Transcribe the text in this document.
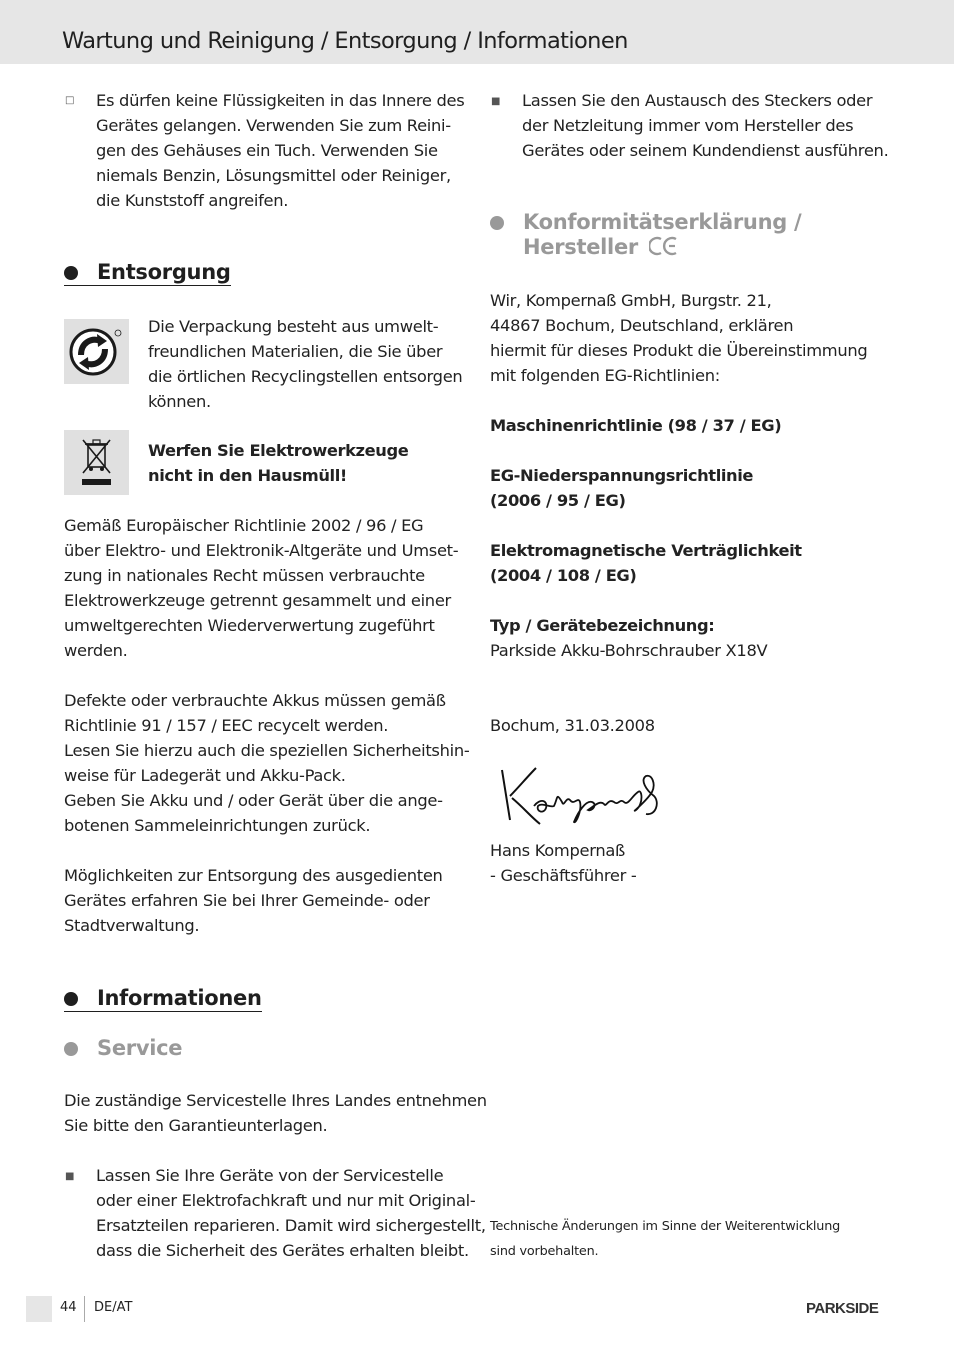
Wartung und Reinigung / Entsorgung / Informationen
□ Es dürfen keine Flüssigkeiten in das Innere des
Gerätes gelangen. Verwenden Sie zum Reini-
gen des Gehäuses ein Tuch. Verwenden Sie
niemals Benzin, Lösungsmittel oder Reiniger,
die Kunststoff angreifen.

Entsorgung

Die Verpackung besteht aus umwelt-
freundlichen Materialien, die Sie über
die örtlichen Recyclingstellen entsorgen
können.

Werfen Sie Elektrowerkzeuge
nicht in den Hausmüll!

Gemäß Europäischer Richtlinie 2002 / 96 / EG
über Elektro- und Elektronik-Altgeräte und Umset-
zung in nationales Recht müssen verbrauchte
Elektrowerkzeuge getrennt gesammelt und einer
umweltgerechten Wiederverwertung zugeführt
werden.

Defekte oder verbrauchte Akkus müssen gemäß
Richtlinie 91 / 157 / EEC recycelt werden.
Lesen Sie hierzu auch die speziellen Sicherheitshin-
weise für Ladegerät und Akku-Pack.
Geben Sie Akku und / oder Gerät über die ange-
botenen Sammeleinrichtungen zurück.

Möglichkeiten zur Entsorgung des ausgedienten
Gerätes erfahren Sie bei Ihrer Gemeinde- oder
Stadtverwaltung.

Informationen
Service

Die zuständige Servicestelle Ihres Landes entnehmen
Sie bitte den Garantieunterlagen.

■ Lassen Sie Ihre Geräte von der Servicestelle
oder einer Elektrofachkraft und nur mit Original-
Ersatzteilen reparieren. Damit wird sichergestellt,
dass die Sicherheit des Gerätes erhalten bleibt.

■ Lassen Sie den Austausch des Steckers oder
der Netzleitung immer vom Hersteller des
Gerätes oder seinem Kundendienst ausführen.

Konformitätserklärung /
Hersteller

Wir, Kompernaß GmbH, Burgstr. 21,
44867 Bochum, Deutschland, erklären
hiermit für dieses Produkt die Übereinstimmung
mit folgenden EG-Richtlinien:

Maschinenrichtlinie (98 / 37 / EG)

EG-Niederspannungsrichtlinie
(2006 / 95 / EG)

Elektromagnetische Verträglichkeit
(2004 / 108 / EG)

Typ / Gerätebezeichnung:

Parkside Akku-Bohrschrauber X18V

Bochum, 31.03.2008

Hans Kompernaß
- Geschäftsführer -

Technische Änderungen im Sinne der Weiterentwicklung
sind vorbehalten.
44 DE/AT	PARKSIDE
